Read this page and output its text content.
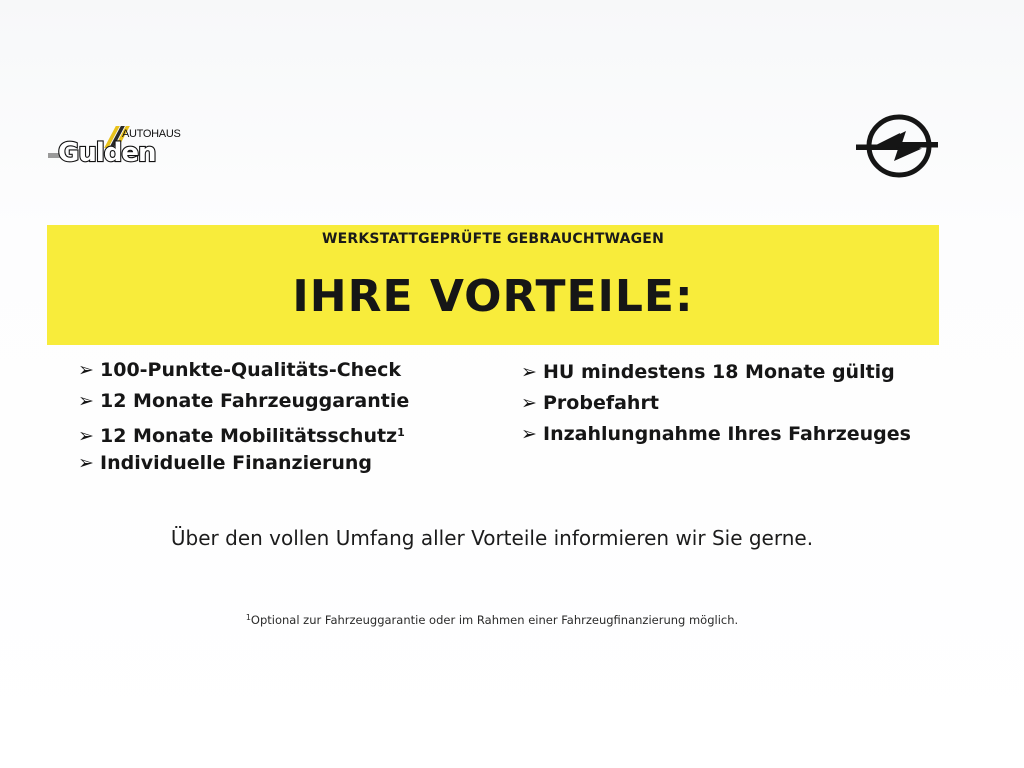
AUTOHAUS
Gulden
WERKSTATTGEPRÜFTE GEBRAUCHTWAGEN
IHRE VORTEILE:
➢ 100-Punkte-Qualitäts-Check
➢ 12 Monate Fahrzeuggarantie
➢ 12 Monate Mobilitätsschutz$^1$
➢ Individuelle Finanzierung
➢ HU mindestens 18 Monate gültig
➢ Probefahrt
➢ Inzahlungnahme Ihres Fahrzeuges
Über den vollen Umfang aller Vorteile informieren wir Sie gerne.
$^1$Optional zur Fahrzeuggarantie oder im Rahmen einer Fahrzeugfinanzierung möglich.
